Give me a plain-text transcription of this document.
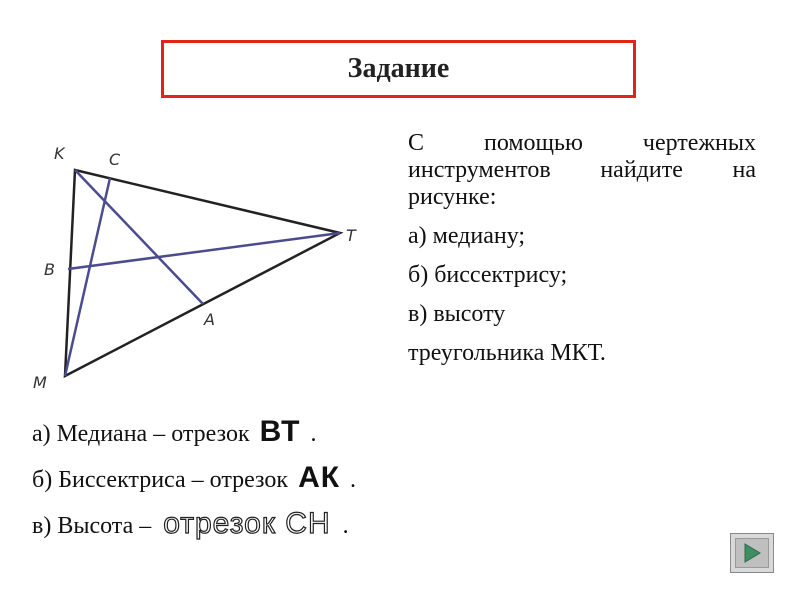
Задание
K	C
T
B
A
M

С помощью чертежных инструментов найдите на рисунке:

а) медиану;

б) биссектрису;

в) высоту

треугольника МКТ.

а) Медиана – отрезок ВТ .
б) Биссектриса – отрезок АК .
в) Высота – отрезок СН .
